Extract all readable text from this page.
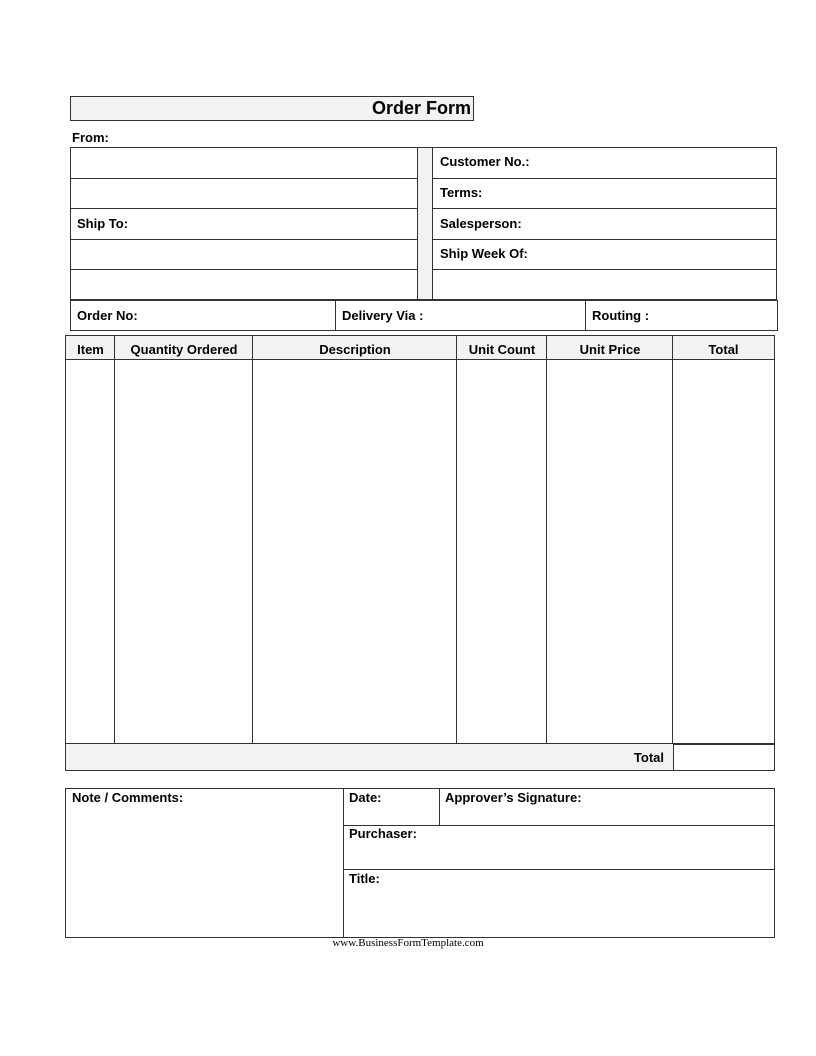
Order Form
From:
Ship To:
Customer No.:
Terms:
Salesperson:
Ship Week Of:
Order No:	Delivery Via :	Routing :
Item	Quantity Ordered	Description	Unit Count	Unit Price	Total
Total
Note / Comments:	Date:	Approver’s Signature:
Purchaser:
Title:
www.BusinessFormTemplate.com
